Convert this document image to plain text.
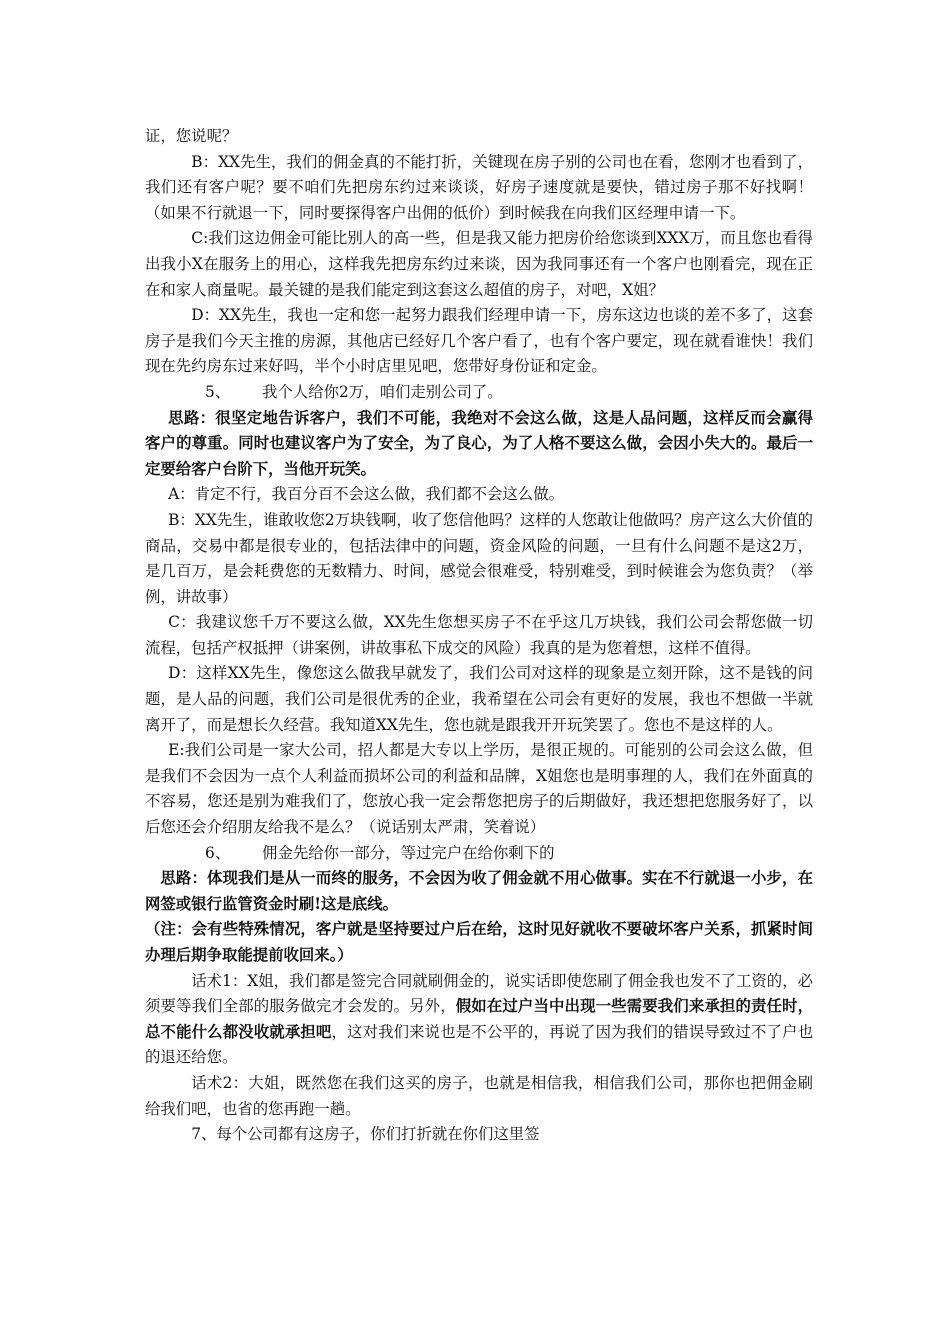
证，您说呢？

B：XX先生，我们的佣金真的不能打折，关键现在房子别的公司也在看，您刚才也看到了，我们还有客户呢？要不咱们先把房东约过来谈谈，好房子速度就是要快，错过房子那不好找啊！（如果不行就退一下，同时要探得客户出佣的低价）到时候我在向我们区经理申请一下。

C:我们这边佣金可能比别人的高一些，但是我又能力把房价给您谈到XXX万，而且您也看得出我小X在服务上的用心，这样我先把房东约过来谈，因为我同事还有一个客户也刚看完，现在正在和家人商量呢。最关键的是我们能定到这套这么超值的房子，对吧，X姐？

D：XX先生，我也一定和您一起努力跟我们经理申请一下，房东这边也谈的差不多了，这套房子是我们今天主推的房源，其他店已经好几个客户看了，也有个客户要定，现在就看谁快！我们现在先约房东过来好吗，半个小时店里见吧，您带好身份证和定金。

5、 我个人给你2万，咱们走别公司了。

思路：很坚定地告诉客户，我们不可能，我绝对不会这么做，这是人品问题，这样反而会赢得客户的尊重。同时也建议客户为了安全，为了良心，为了人格不要这么做，会因小失大的。最后一定要给客户台阶下，当他开玩笑。

A：肯定不行，我百分百不会这么做，我们都不会这么做。

B：XX先生，谁敢收您2万块钱啊，收了您信他吗？这样的人您敢让他做吗？房产这么大价值的商品，交易中都是很专业的，包括法律中的问题，资金风险的问题，一旦有什么问题不是这2万，是几百万，是会耗费您的无数精力、时间，感觉会很难受，特别难受，到时候谁会为您负责？（举例，讲故事）

C：我建议您千万不要这么做，XX先生您想买房子不在乎这几万块钱，我们公司会帮您做一切流程，包括产权抵押（讲案例，讲故事私下成交的风险）我真的是为您着想，这样不值得。

D：这样XX先生，像您这么做我早就发了，我们公司对这样的现象是立刻开除，这不是钱的问题，是人品的问题，我们公司是很优秀的企业，我希望在公司会有更好的发展，我也不想做一半就离开了，而是想长久经营。我知道XX先生，您也就是跟我开开玩笑罢了。您也不是这样的人。

E:我们公司是一家大公司，招人都是大专以上学历，是很正规的。可能别的公司会这么做，但是我们不会因为一点个人利益而损坏公司的利益和品牌，X姐您也是明事理的人，我们在外面真的不容易，您还是别为难我们了，您放心我一定会帮您把房子的后期做好，我还想把您服务好了，以后您还会介绍朋友给我不是么？（说话别太严肃，笑着说）

6、 佣金先给你一部分，等过完户在给你剩下的

思路：体现我们是从一而终的服务，不会因为收了佣金就不用心做事。实在不行就退一小步，在网签或银行监管资金时刷!这是底线。

（注：会有些特殊情况，客户就是坚持要过户后在给，这时见好就收不要破坏客户关系，抓紧时间办理后期争取能提前收回来。）

话术1：X姐，我们都是签完合同就刷佣金的，说实话即使您刷了佣金我也发不了工资的，必须要等我们全部的服务做完才会发的。另外，假如在过户当中出现一些需要我们来承担的责任时，总不能什么都没收就承担吧，这对我们来说也是不公平的，再说了因为我们的错误导致过不了户也的退还给您。

话术2：大姐，既然您在我们这买的房子，也就是相信我，相信我们公司，那你也把佣金刷给我们吧，也省的您再跑一趟。

7、每个公司都有这房子，你们打折就在你们这里签
